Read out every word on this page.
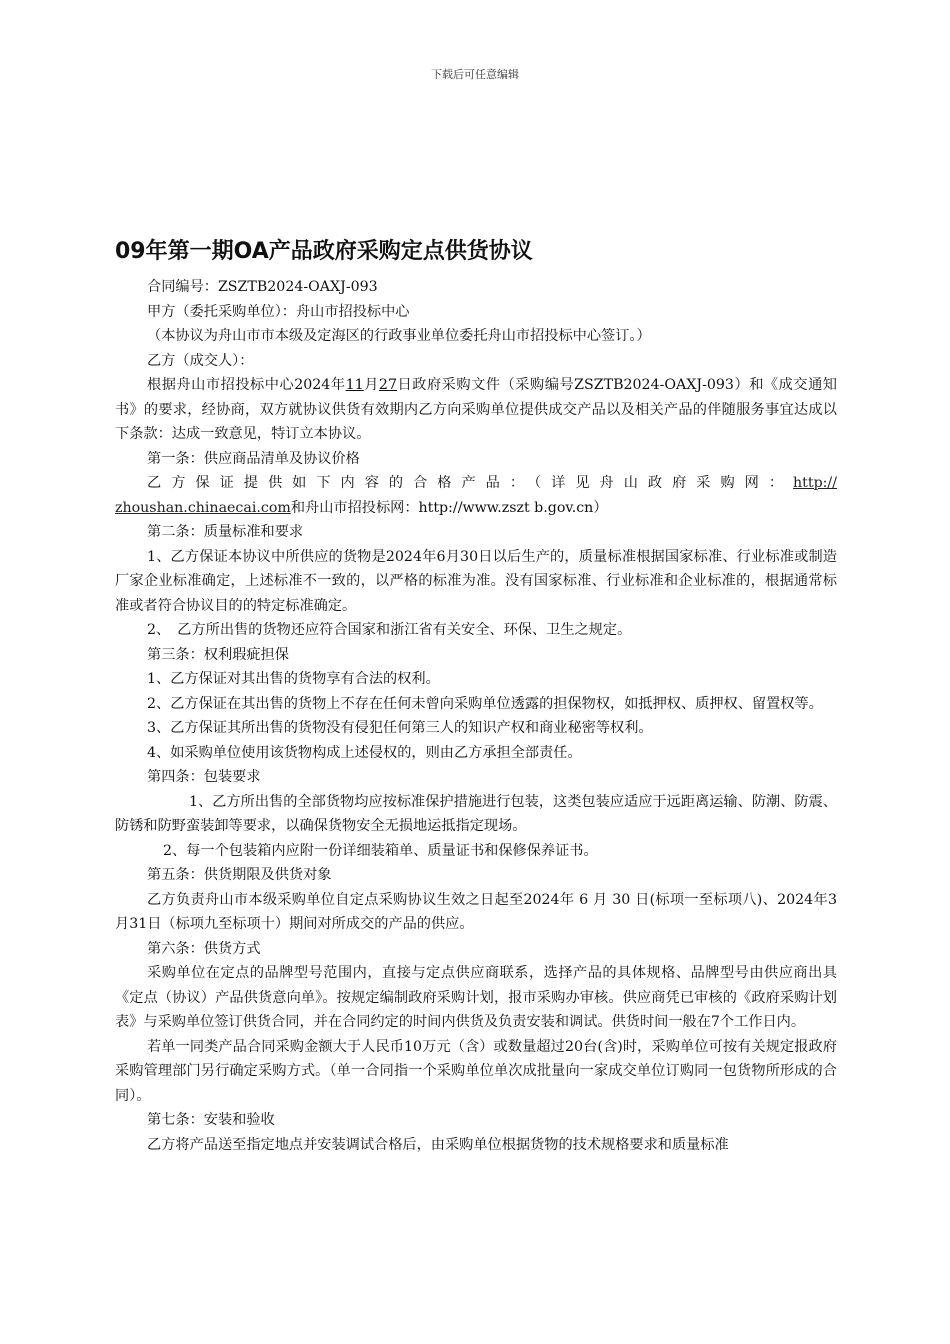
下载后可任意编辑
09年第一期OA产品政府采购定点供货协议

合同编号：ZSZTB2024-OAXJ-093

甲方（委托采购单位）：舟山市招投标中心

（本协议为舟山市市本级及定海区的行政事业单位委托舟山市招投标中心签订。）

乙方（成交人）：

根据舟山市招投标中心2024年11月27日政府采购文件（采购编号ZSZTB2024-OAXJ-093）和《成交通知书》的要求，经协商，双方就协议供货有效期内乙方向采购单位提供成交产品以及相关产品的伴随服务事宜达成以下条款：达成一致意见，特订立本协议。

第一条：供应商品清单及协议价格

乙方保证提供如下内容的合格产品：（详见舟山政府采购网：http://

zhoushan.chinaecai.com和舟山市招投标网：http://www.zszt b.gov.cn）

第二条：质量标准和要求

1、乙方保证本协议中所供应的货物是2024年6月30日以后生产的，质量标准根据国家标准、行业标准或制造厂家企业标准确定，上述标准不一致的，以严格的标准为准。没有国家标准、行业标准和企业标准的，根据通常标准或者符合协议目的的特定标准确定。

2、　乙方所出售的货物还应符合国家和浙江省有关安全、环保、卫生之规定。

第三条：权利瑕疵担保

1、乙方保证对其出售的货物享有合法的权利。

2、乙方保证在其出售的货物上不存在任何未曾向采购单位透露的担保物权，如抵押权、质押权、留置权等。

3、乙方保证其所出售的货物没有侵犯任何第三人的知识产权和商业秘密等权利。

4、如采购单位使用该货物构成上述侵权的，则由乙方承担全部责任。

第四条：包装要求

1、乙方所出售的全部货物均应按标准保护措施进行包装，这类包装应适应于远距离运输、防潮、防震、防锈和防野蛮装卸等要求，以确保货物安全无损地运抵指定现场。

2、每一个包装箱内应附一份详细装箱单、质量证书和保修保养证书。

第五条：供货期限及供货对象

乙方负责舟山市本级采购单位自定点采购协议生效之日起至2024年 6 月 30 日(标项一至标项八)、2024年3月31日（标项九至标项十）期间对所成交的产品的供应。

第六条：供货方式

采购单位在定点的品牌型号范围内，直接与定点供应商联系，选择产品的具体规格、品牌型号由供应商出具《定点（协议）产品供货意向单》。按规定编制政府采购计划，报市采购办审核。供应商凭已审核的《政府采购计划表》与采购单位签订供货合同，并在合同约定的时间内供货及负责安装和调试。供货时间一般在7个工作日内。

若单一同类产品合同采购金额大于人民币10万元（含）或数量超过20台(含)时，采购单位可按有关规定报政府采购管理部门另行确定采购方式。（单一合同指一个采购单位单次成批量向一家成交单位订购同一包货物所形成的合同）。

第七条：安装和验收

乙方将产品送至指定地点并安装调试合格后，由采购单位根据货物的技术规格要求和质量标准
